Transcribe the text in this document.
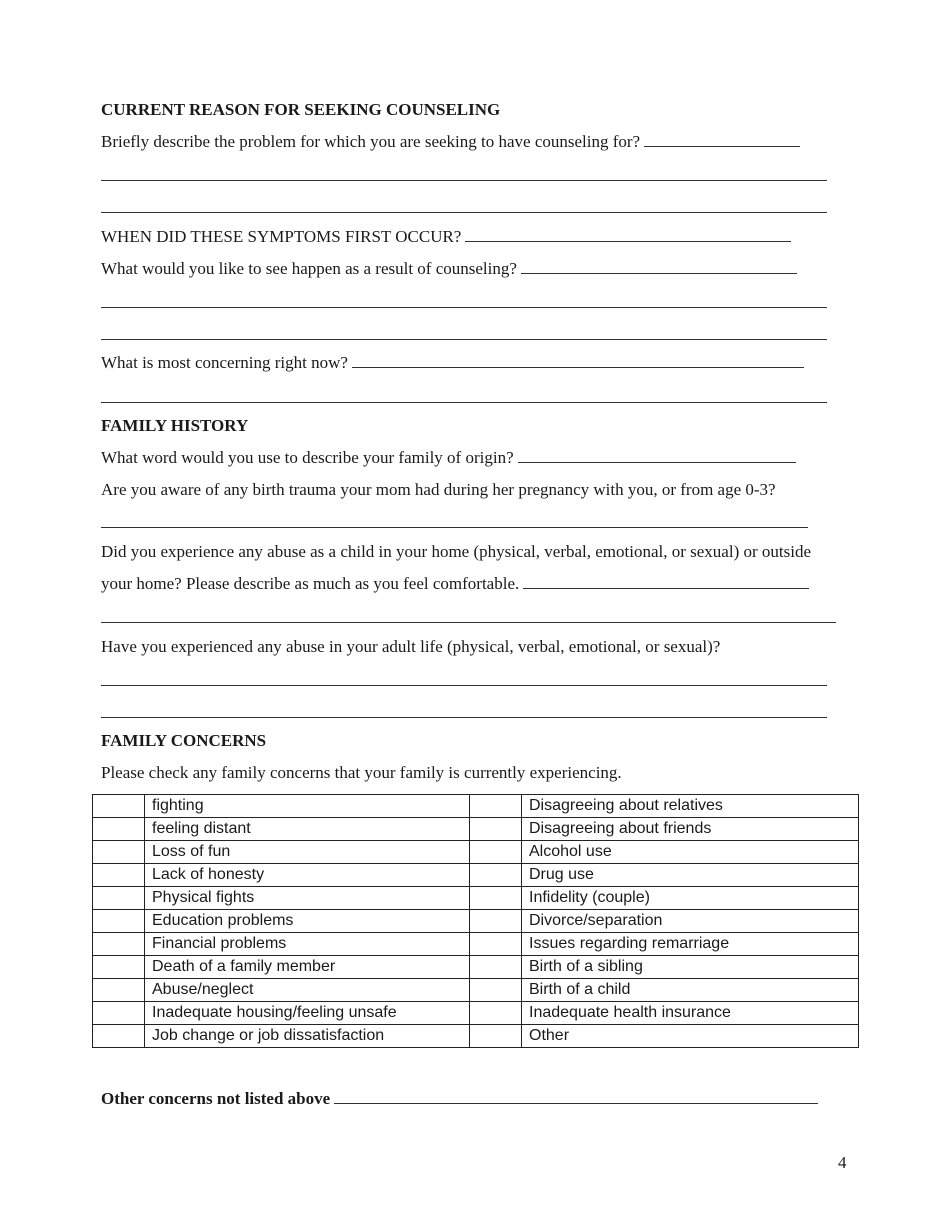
CURRENT REASON FOR SEEKING COUNSELING
Briefly describe the problem for which you are seeking to have counseling for?
WHEN DID THESE SYMPTOMS FIRST OCCUR?
What would you like to see happen as a result of counseling?
What is most concerning right now?
FAMILY HISTORY
What word would you use to describe your family of origin?
Are you aware of any birth trauma your mom had during her pregnancy with you, or from age 0-3?
Did you experience any abuse as a child in your home (physical, verbal, emotional, or sexual) or outside
your home? Please describe as much as you feel comfortable.
Have you experienced any abuse in your adult life (physical, verbal, emotional, or sexual)?
FAMILY CONCERNS
Please check any family concerns that your family is currently experiencing.
	fighting		Disagreeing about relatives
	feeling distant		Disagreeing about friends
	Loss of fun		Alcohol use
	Lack of honesty		Drug use
	Physical fights		Infidelity (couple)
	Education problems		Divorce/separation
	Financial problems		Issues regarding remarriage
	Death of a family member		Birth of a sibling
	Abuse/neglect		Birth of a child
	Inadequate housing/feeling unsafe		Inadequate health insurance
	Job change or job dissatisfaction		Other
Other concerns not listed above
4
